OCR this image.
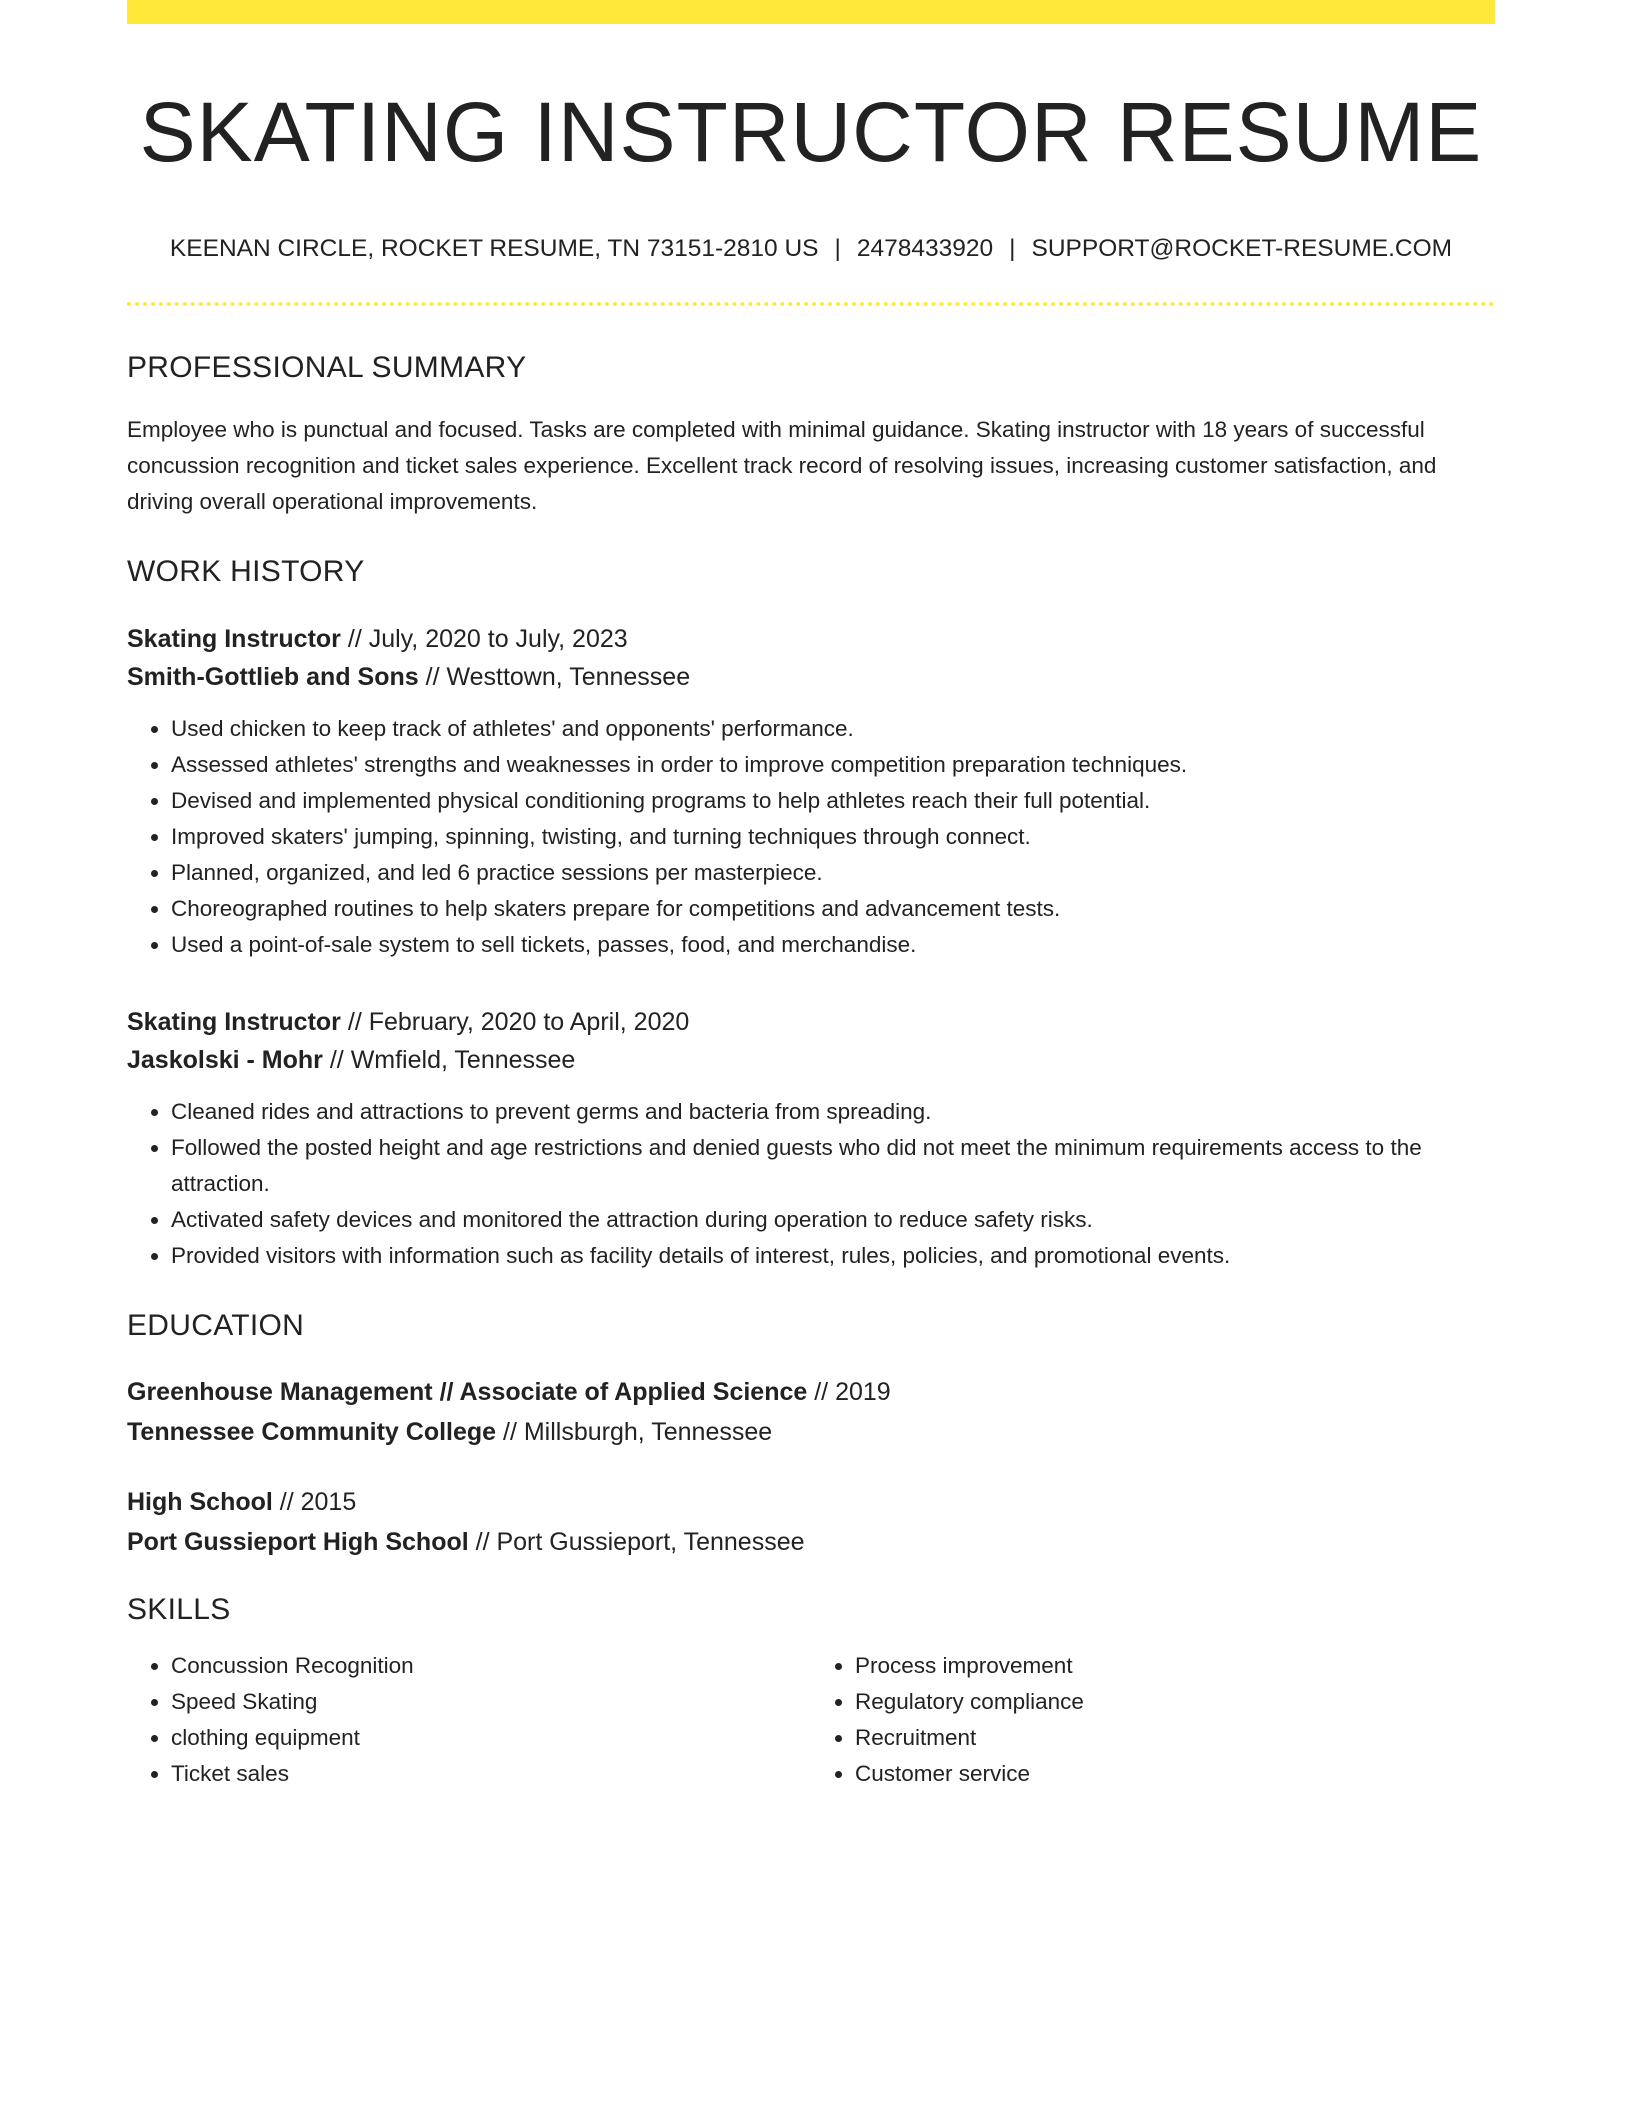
SKATING INSTRUCTOR RESUME
KEENAN CIRCLE, ROCKET RESUME, TN 73151-2810 US | 2478433920 | SUPPORT@ROCKET-RESUME.COM
PROFESSIONAL SUMMARY

Employee who is punctual and focused. Tasks are completed with minimal guidance. Skating instructor with 18 years of successful concussion recognition and ticket sales experience. Excellent track record of resolving issues, increasing customer satisfaction, and driving overall operational improvements.

WORK HISTORY
Skating Instructor // July, 2020 to July, 2023
Smith-Gottlieb and Sons // Westtown, Tennessee
• Used chicken to keep track of athletes' and opponents' performance.
• Assessed athletes' strengths and weaknesses in order to improve competition preparation techniques.
• Devised and implemented physical conditioning programs to help athletes reach their full potential.
• Improved skaters' jumping, spinning, twisting, and turning techniques through connect.
• Planned, organized, and led 6 practice sessions per masterpiece.
• Choreographed routines to help skaters prepare for competitions and advancement tests.
• Used a point-of-sale system to sell tickets, passes, food, and merchandise.
Skating Instructor // February, 2020 to April, 2020
Jaskolski - Mohr // Wmfield, Tennessee
• Cleaned rides and attractions to prevent germs and bacteria from spreading.
• Followed the posted height and age restrictions and denied guests who did not meet the minimum requirements access to the attraction.
• Activated safety devices and monitored the attraction during operation to reduce safety risks.
• Provided visitors with information such as facility details of interest, rules, policies, and promotional events.
EDUCATION
Greenhouse Management // Associate of Applied Science // 2019
Tennessee Community College // Millsburgh, Tennessee
High School // 2015
Port Gussieport High School // Port Gussieport, Tennessee
SKILLS
• Concussion Recognition
• Speed Skating
• clothing equipment
• Ticket sales
• Process improvement
• Regulatory compliance
• Recruitment
• Customer service
